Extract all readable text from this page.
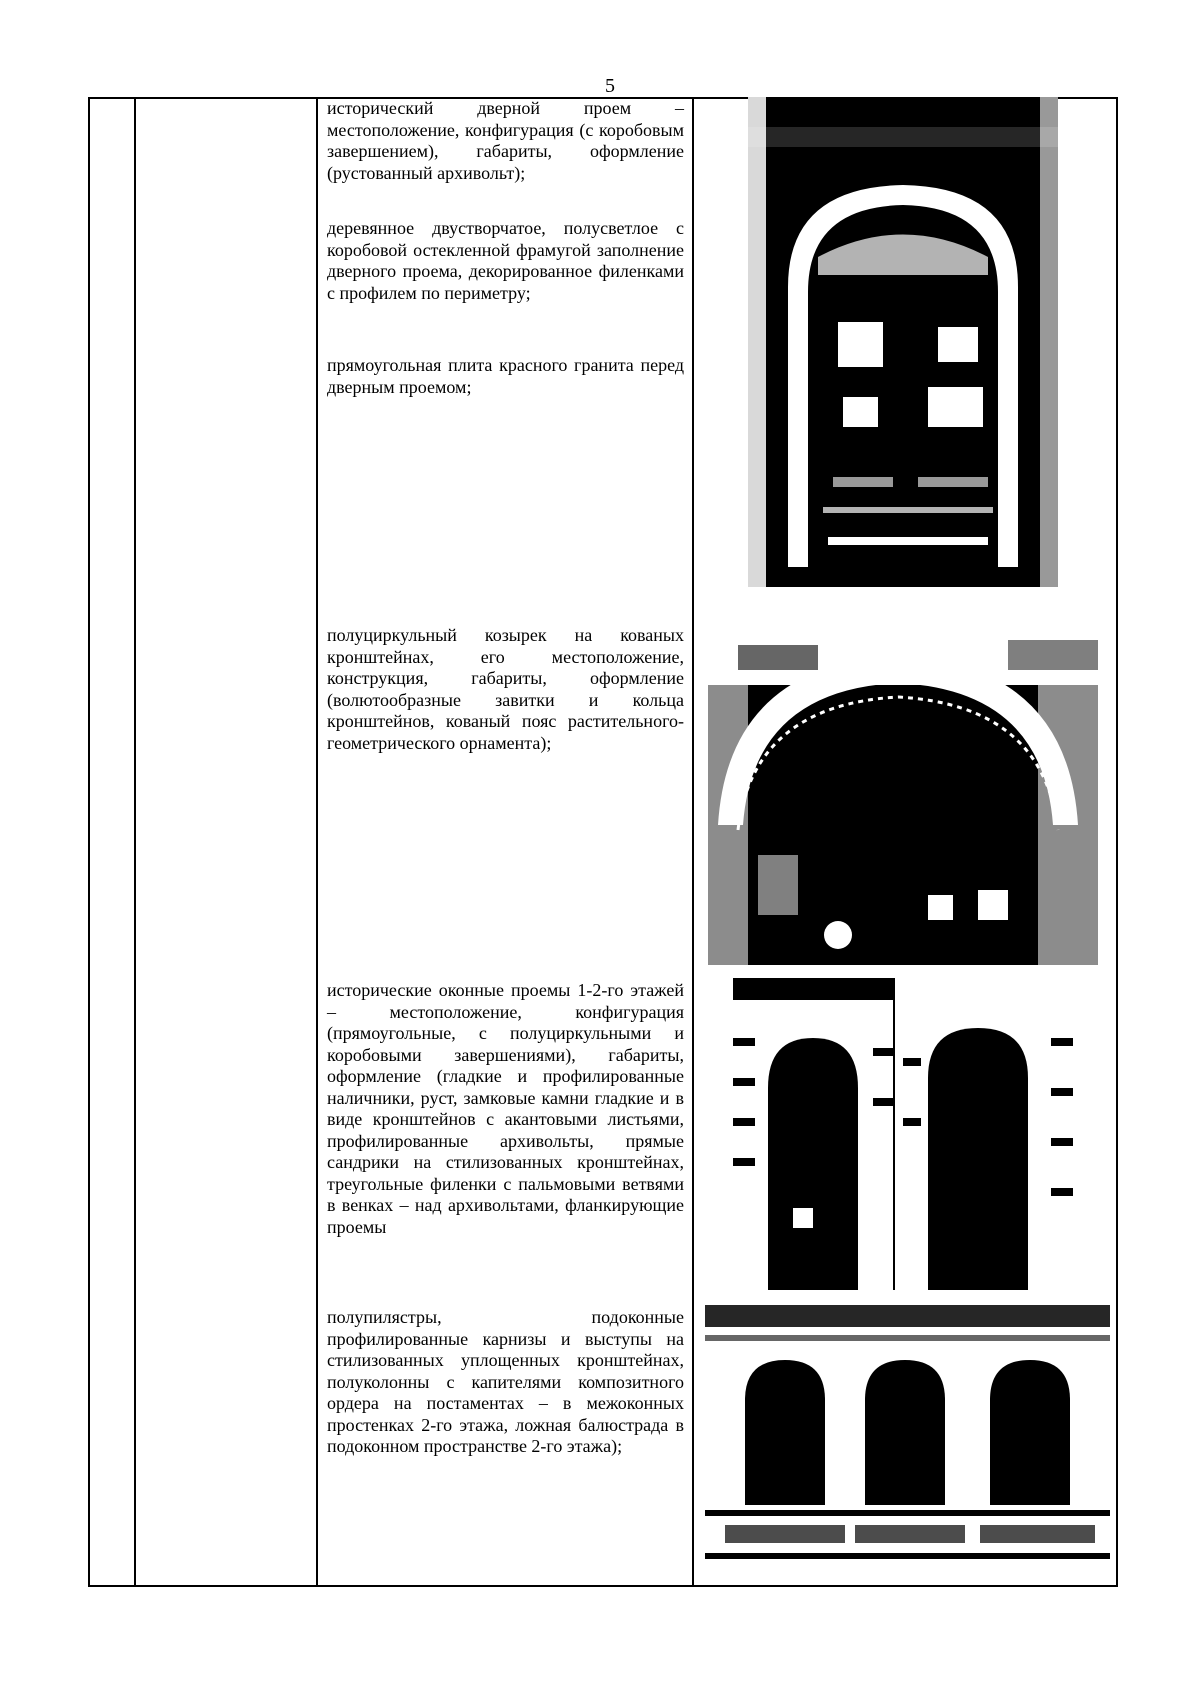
5

исторический дверной проем – местоположение, конфигурация (с коробовым завершением), габариты, оформление (рустованный архивольт);

деревянное двустворчатое, полусветлое с коробовой остекленной фрамугой заполнение дверного проема, декорированное филенками с профилем по периметру;

прямоугольная плита красного гранита перед дверным проемом;

полуциркульный козырек на кованых кронштейнах, его местоположение, конструкция, габариты, оформление (волютообразные завитки и кольца кронштейнов, кованый пояс растительного-геометрического орнамента);

исторические оконные проемы 1-2-го этажей – местоположение, конфигурация (прямоугольные, с полуциркульными и коробовыми завершениями), габариты, оформление (гладкие и профилированные наличники, руст, замковые камни гладкие и в виде кронштейнов с акантовыми листьями, профилированные архивольты, прямые сандрики на стилизованных кронштейнах, треугольные филенки с пальмовыми ветвями в венках – над архивольтами, фланкирующие проемы

полупилястры, подоконные профилированные карнизы и выступы на стилизованных уплощенных кронштейнах, полуколонны с капителями композитного ордера на постаментах – в межоконных простенках 2-го этажа, ложная балюстрада в подоконном пространстве 2-го этажа);
